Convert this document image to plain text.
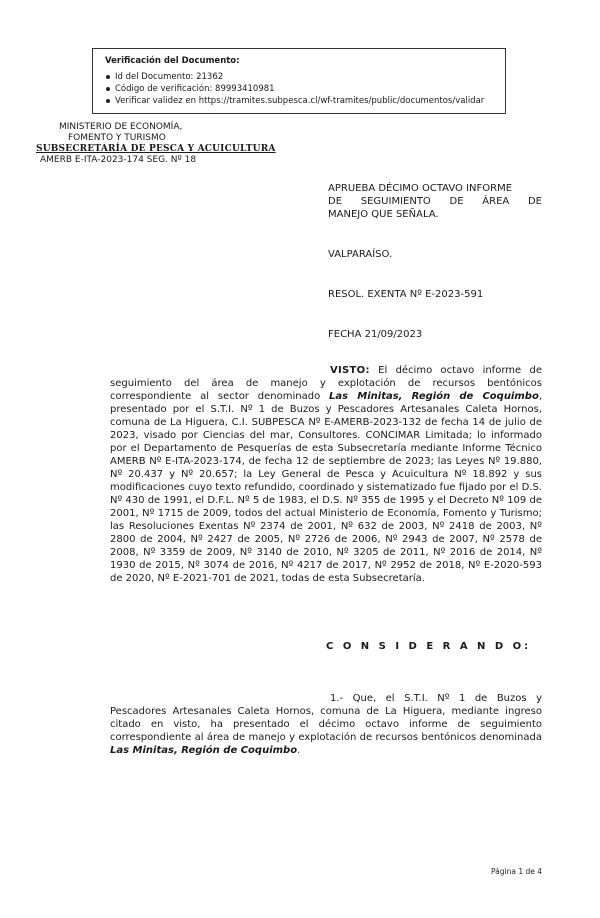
Verificación del Documento:
Id del Documento: 21362
Código de verificación: 89993410981
Verificar validez en https://tramites.subpesca.cl/wf-tramites/public/documentos/validar
MINISTERIO DE ECONOMÍA,
FOMENTO Y TURISMO
SUBSECRETARÍA DE PESCA Y ACUICULTURA
AMERB E-ITA-2023-174 SEG. Nº 18
APRUEBA DÉCIMO OCTAVO INFORME
DE SEGUIMIENTO DE ÁREA DE
MANEJO QUE SEÑALA.
VALPARAÍSO.
RESOL. EXENTA Nº E-2023-591
FECHA 21/09/2023
VISTO: El décimo octavo informe de seguimiento del área de manejo y explotación de recursos bentónicos correspondiente al sector denominado Las Minitas, Región de Coquimbo, presentado por el S.T.I. Nº 1 de Buzos y Pescadores Artesanales Caleta Hornos, comuna de La Higuera, C.I. SUBPESCA Nº E-AMERB-2023-132 de fecha 14 de julio de 2023, visado por Ciencias del mar, Consultores. CONCIMAR Limitada; lo informado por el Departamento de Pesquerías de esta Subsecretaría mediante Informe Técnico AMERB Nº E-ITA-2023-174, de fecha 12 de septiembre de 2023; las Leyes Nº 19.880, Nº 20.437 y Nº 20.657; la Ley General de Pesca y Acuicultura Nº 18.892 y sus modificaciones cuyo texto refundido, coordinado y sistematizado fue fijado por el D.S. Nº 430 de 1991, el D.F.L. Nº 5 de 1983, el D.S. Nº 355 de 1995 y el Decreto Nº 109 de 2001, Nº 1715 de 2009, todos del actual Ministerio de Economía, Fomento y Turismo; las Resoluciones Exentas Nº 2374 de 2001, Nº 632 de 2003, Nº 2418 de 2003, Nº 2800 de 2004, Nº 2427 de 2005, Nº 2726 de 2006, Nº 2943 de 2007, Nº 2578 de 2008, Nº 3359 de 2009, Nº 3140 de 2010, Nº 3205 de 2011, Nº 2016 de 2014, Nº 1930 de 2015, Nº 3074 de 2016, Nº 4217 de 2017, Nº 2952 de 2018, Nº E-2020-593 de 2020, Nº E-2021-701 de 2021, todas de esta Subsecretaría.
C O N S I D E R A N D O:
1.- Que, el S.T.I. Nº 1 de Buzos y Pescadores Artesanales Caleta Hornos, comuna de La Higuera, mediante ingreso citado en visto, ha presentado el décimo octavo informe de seguimiento correspondiente al área de manejo y explotación de recursos bentónicos denominada Las Minitas, Región de Coquimbo.
Página 1 de 4
